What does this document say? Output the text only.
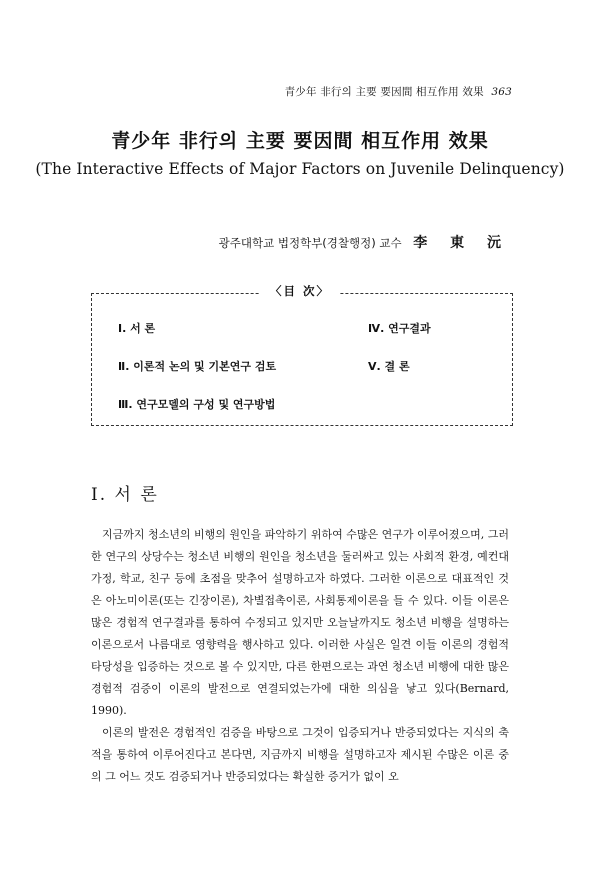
青少年 非行의 主要 要因間 相互作用 效果 363
青少年 非行의 主要 要因間 相互作用 效果
(The Interactive Effects of Major Factors on Juvenile Delinquency)
광주대학교 법정학부(경찰행정) 교수 李 東 沅
〈目 次〉
Ⅰ. 서 론
Ⅱ. 이론적 논의 및 기본연구 검토
Ⅲ. 연구모델의 구성 및 연구방법
Ⅳ. 연구결과
Ⅴ. 결 론
Ⅰ. 서 론

지금까지 청소년의 비행의 원인을 파악하기 위하여 수많은 연구가 이루어졌으며, 그러한 연구의 상당수는 청소년 비행의 원인을 청소년을 둘러싸고 있는 사회적 환경, 예컨대 가정, 학교, 친구 등에 초점을 맞추어 설명하고자 하였다. 그러한 이론으로 대표적인 것은 아노미이론(또는 긴장이론), 차별접촉이론, 사회통제이론을 들 수 있다. 이들 이론은 많은 경험적 연구결과를 통하여 수정되고 있지만 오늘날까지도 청소년 비행을 설명하는 이론으로서 나름대로 영향력을 행사하고 있다. 이러한 사실은 일견 이들 이론의 경험적 타당성을 입증하는 것으로 볼 수 있지만, 다른 한편으로는 과연 청소년 비행에 대한 많은 경험적 검증이 이론의 발전으로 연결되었는가에 대한 의심을 낳고 있다(Bernard, 1990).

이론의 발전은 경험적인 검증을 바탕으로 그것이 입증되거나 반증되었다는 지식의 축적을 통하여 이루어진다고 본다면, 지금까지 비행을 설명하고자 제시된 수많은 이론 중의 그 어느 것도 검증되거나 반증되었다는 확실한 증거가 없이 오
